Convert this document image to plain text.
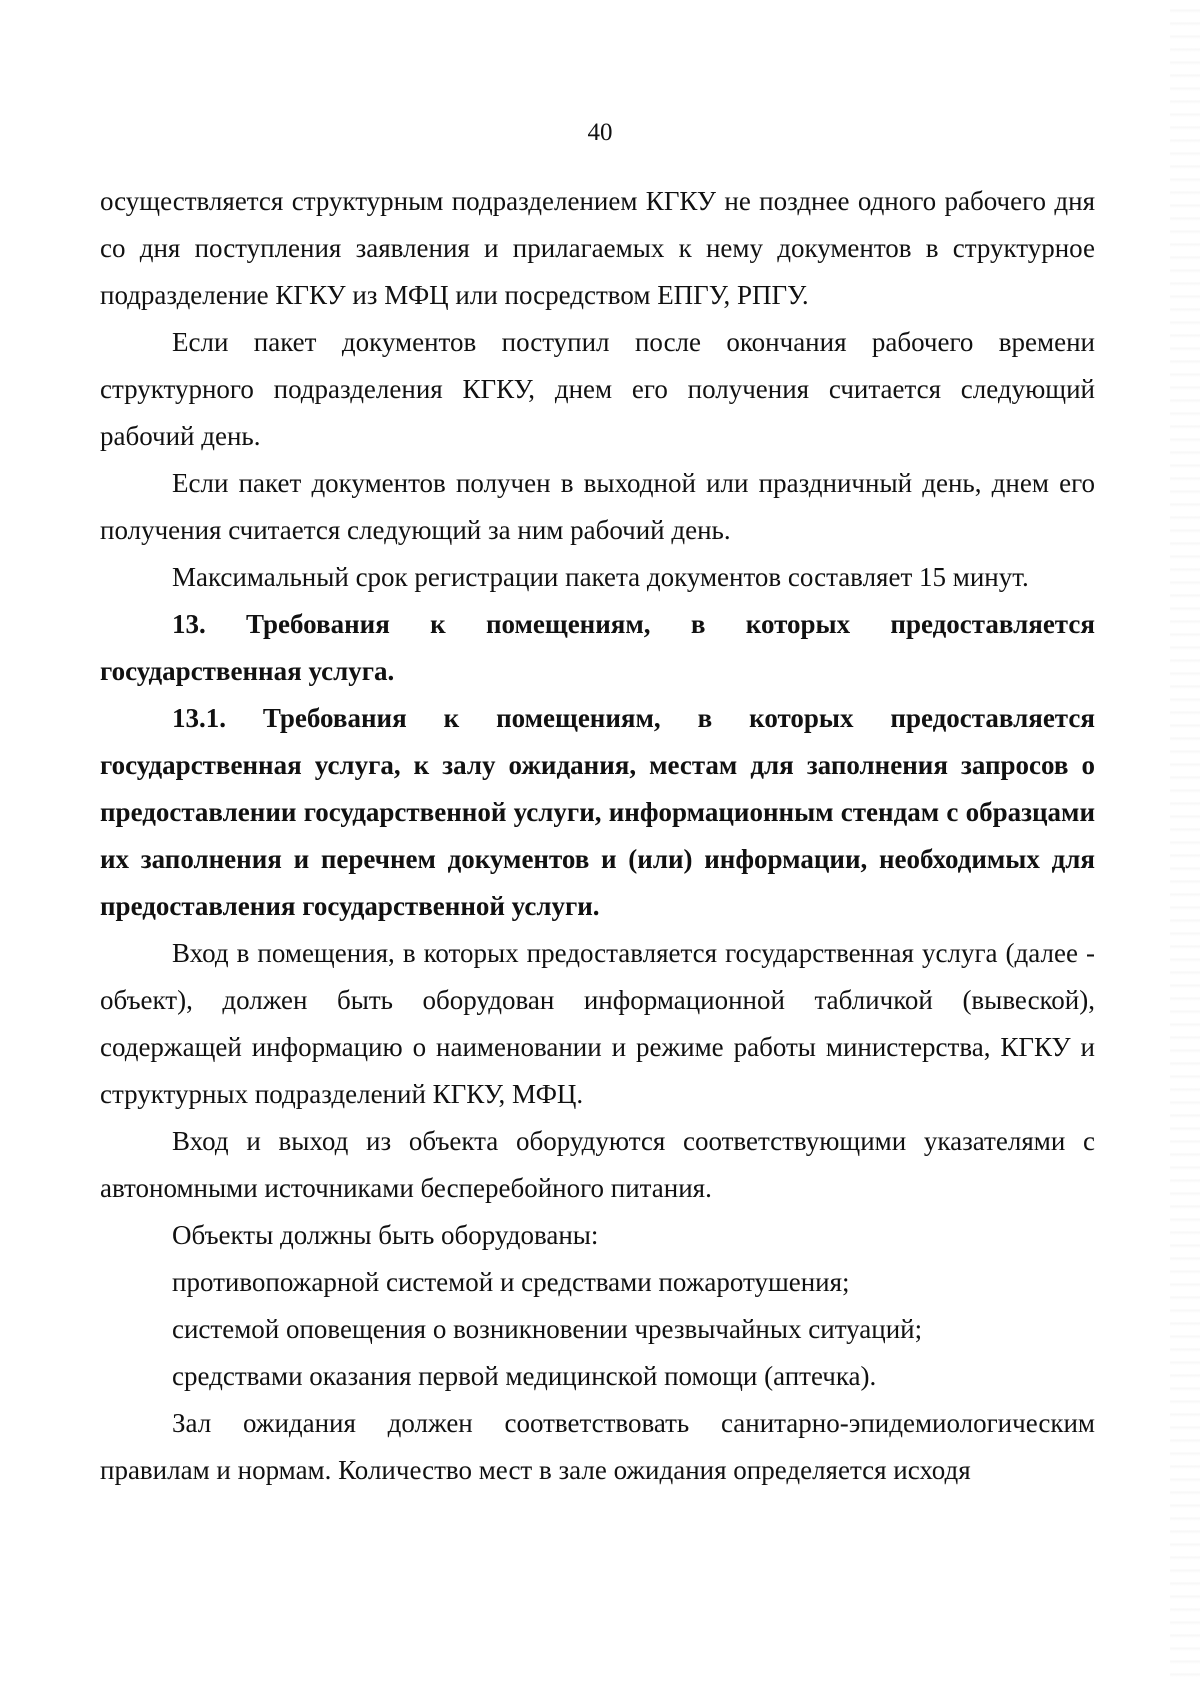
40

осуществляется структурным подразделением КГКУ не позднее одного рабочего дня со дня поступления заявления и прилагаемых к нему документов в структурное подразделение КГКУ из МФЦ или посредством ЕПГУ, РПГУ.

Если пакет документов поступил после окончания рабочего времени структурного подразделения КГКУ, днем его получения считается следующий рабочий день.

Если пакет документов получен в выходной или праздничный день, днем его получения считается следующий за ним рабочий день.

Максимальный срок регистрации пакета документов составляет 15 минут.

13. Требования к помещениям, в которых предоставляется государственная услуга.

13.1. Требования к помещениям, в которых предоставляется государственная услуга, к залу ожидания, местам для заполнения запросов о предоставлении государственной услуги, информационным стендам с образцами их заполнения и перечнем документов и (или) информации, необходимых для предоставления государственной услуги.

Вход в помещения, в которых предоставляется государственная услуга (далее - объект), должен быть оборудован информационной табличкой (вывеской), содержащей информацию о наименовании и режиме работы министерства, КГКУ и структурных подразделений КГКУ, МФЦ.

Вход и выход из объекта оборудуются соответствующими указателями с автономными источниками бесперебойного питания.

Объекты должны быть оборудованы:

противопожарной системой и средствами пожаротушения;

системой оповещения о возникновении чрезвычайных ситуаций;

средствами оказания первой медицинской помощи (аптечка).

Зал ожидания должен соответствовать санитарно-эпидемиологическим правилам и нормам. Количество мест в зале ожидания определяется исходя
